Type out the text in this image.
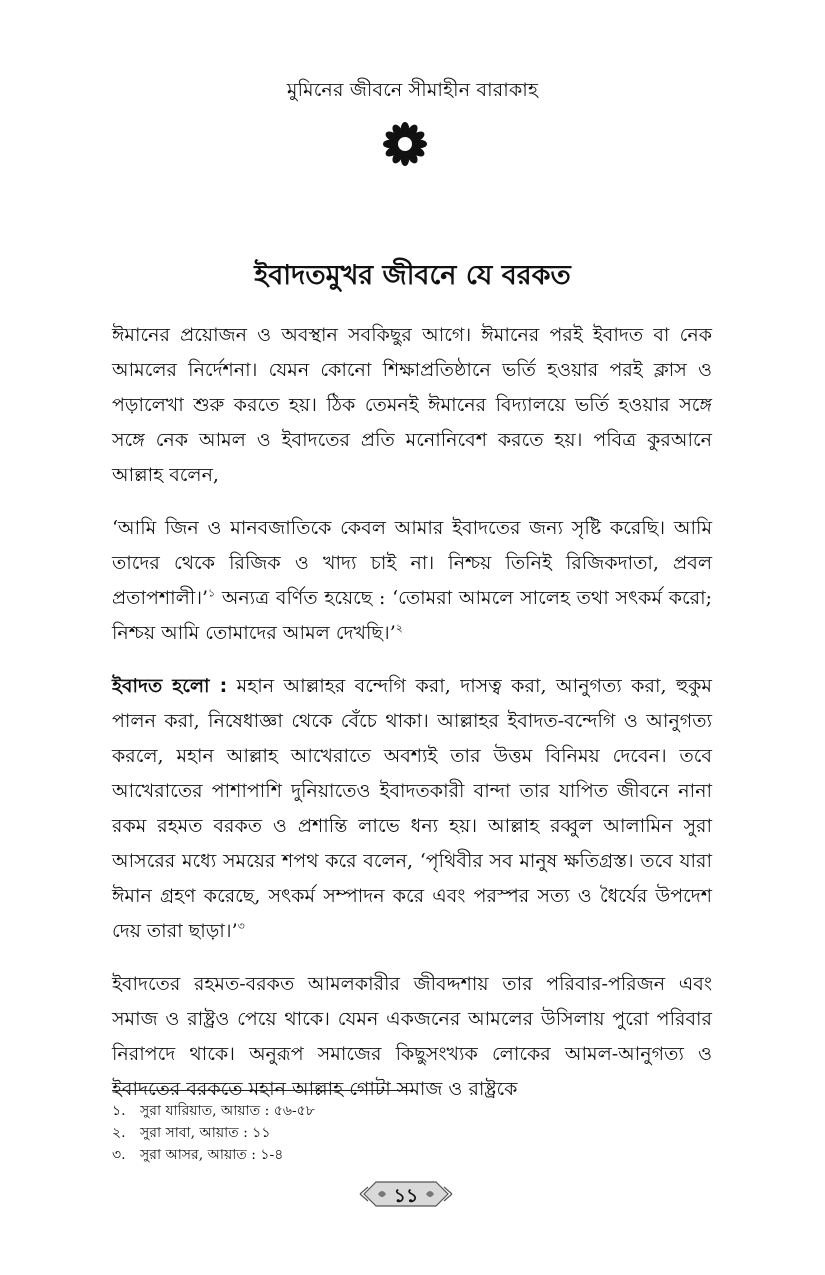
মুমিনের জীবনে সীমাহীন বারাকাহ
ইবাদতমুখর জীবনে যে বরকত

ঈমানের প্রয়োজন ও অবস্থান সবকিছুর আগে। ঈমানের পরই ইবাদত বা নেক আমলের নির্দেশনা। যেমন কোনো শিক্ষাপ্রতিষ্ঠানে ভর্তি হওয়ার পরই ক্লাস ও পড়ালেখা শুরু করতে হয়। ঠিক তেমনই ঈমানের বিদ্যালয়ে ভর্তি হওয়ার সঙ্গে সঙ্গে নেক আমল ও ইবাদতের প্রতি মনোনিবেশ করতে হয়। পবিত্র কুরআনে আল্লাহ বলেন,

‘আমি জিন ও মানবজাতিকে কেবল আমার ইবাদতের জন্য সৃষ্টি করেছি। আমি তাদের থেকে রিজিক ও খাদ্য চাই না। নিশ্চয় তিনিই রিজিকদাতা, প্রবল প্রতাপশালী।’$^১$ অন্যত্র বর্ণিত হয়েছে : ‘তোমরা আমলে সালেহ তথা সৎকর্ম করো; নিশ্চয় আমি তোমাদের আমল দেখছি।’$^২$

ইবাদত হলো : মহান আল্লাহর বন্দেগি করা, দাসত্ব করা, আনুগত্য করা, হুকুম পালন করা, নিষেধাজ্ঞা থেকে বেঁচে থাকা। আল্লাহর ইবাদত-বন্দেগি ও আনুগত্য করলে, মহান আল্লাহ আখেরাতে অবশ্যই তার উত্তম বিনিময় দেবেন। তবে আখেরাতের পাশাপাশি দুনিয়াতেও ইবাদতকারী বান্দা তার যাপিত জীবনে নানা রকম রহমত বরকত ও প্রশান্তি লাভে ধন্য হয়। আল্লাহ রব্বুল আলামিন সুরা আসরের মধ্যে সময়ের শপথ করে বলেন, ‘পৃথিবীর সব মানুষ ক্ষতিগ্রস্ত। তবে যারা ঈমান গ্রহণ করেছে, সৎকর্ম সম্পাদন করে এবং পরস্পর সত্য ও ধৈর্যের উপদেশ দেয় তারা ছাড়া।’$^৩$

ইবাদতের রহমত-বরকত আমলকারীর জীবদ্দশায় তার পরিবার-পরিজন এবং সমাজ ও রাষ্ট্রও পেয়ে থাকে। যেমন একজনের আমলের উসিলায় পুরো পরিবার নিরাপদে থাকে। অনুরূপ সমাজের কিছুসংখ্যক লোকের আমল-আনুগত্য ও ইবাদতের বরকতে মহান আল্লাহ গোটা সমাজ ও রাষ্ট্রকে

১.	সুরা যারিয়াত, আয়াত : ৫৬-৫৮
২.	সুরা সাবা, আয়াত : ১১
৩.	সুরা আসর, আয়াত : ১-৪
১১
